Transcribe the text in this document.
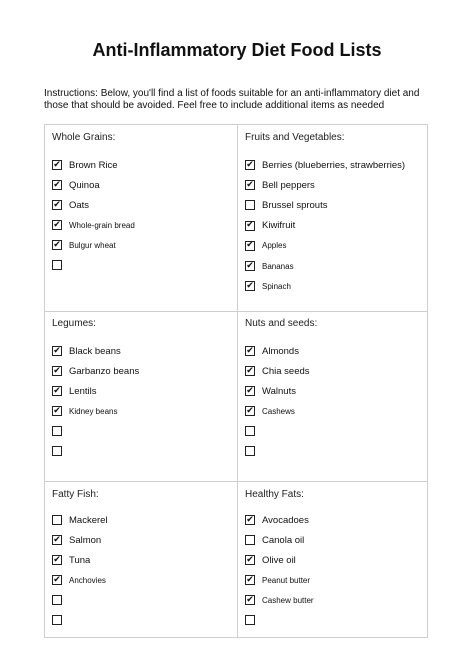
Anti-Inflammatory Diet Food Lists
Instructions: Below, you'll find a list of foods suitable for an anti-inflammatory diet and those that should be avoided. Feel free to include additional items as needed
Whole Grains:
✔ Brown Rice
✔ Quinoa
✔ Oats
✔ Whole-grain bread
✔ Bulgur wheat
Fruits and Vegetables:
✔ Berries (blueberries, strawberries)
✔ Bell peppers
Brussel sprouts
✔ Kiwifruit
✔ Apples
✔ Bananas
✔ Spinach
Legumes:
✔ Black beans
✔ Garbanzo beans
✔ Lentils
✔ Kidney beans
Nuts and seeds:
✔ Almonds
✔ Chia seeds
✔ Walnuts
✔ Cashews
Fatty Fish:
Mackerel
✔ Salmon
✔ Tuna
✔ Anchovies
Healthy Fats:
✔ Avocadoes
Canola oil
✔ Olive oil
✔ Peanut butter
✔ Cashew butter
